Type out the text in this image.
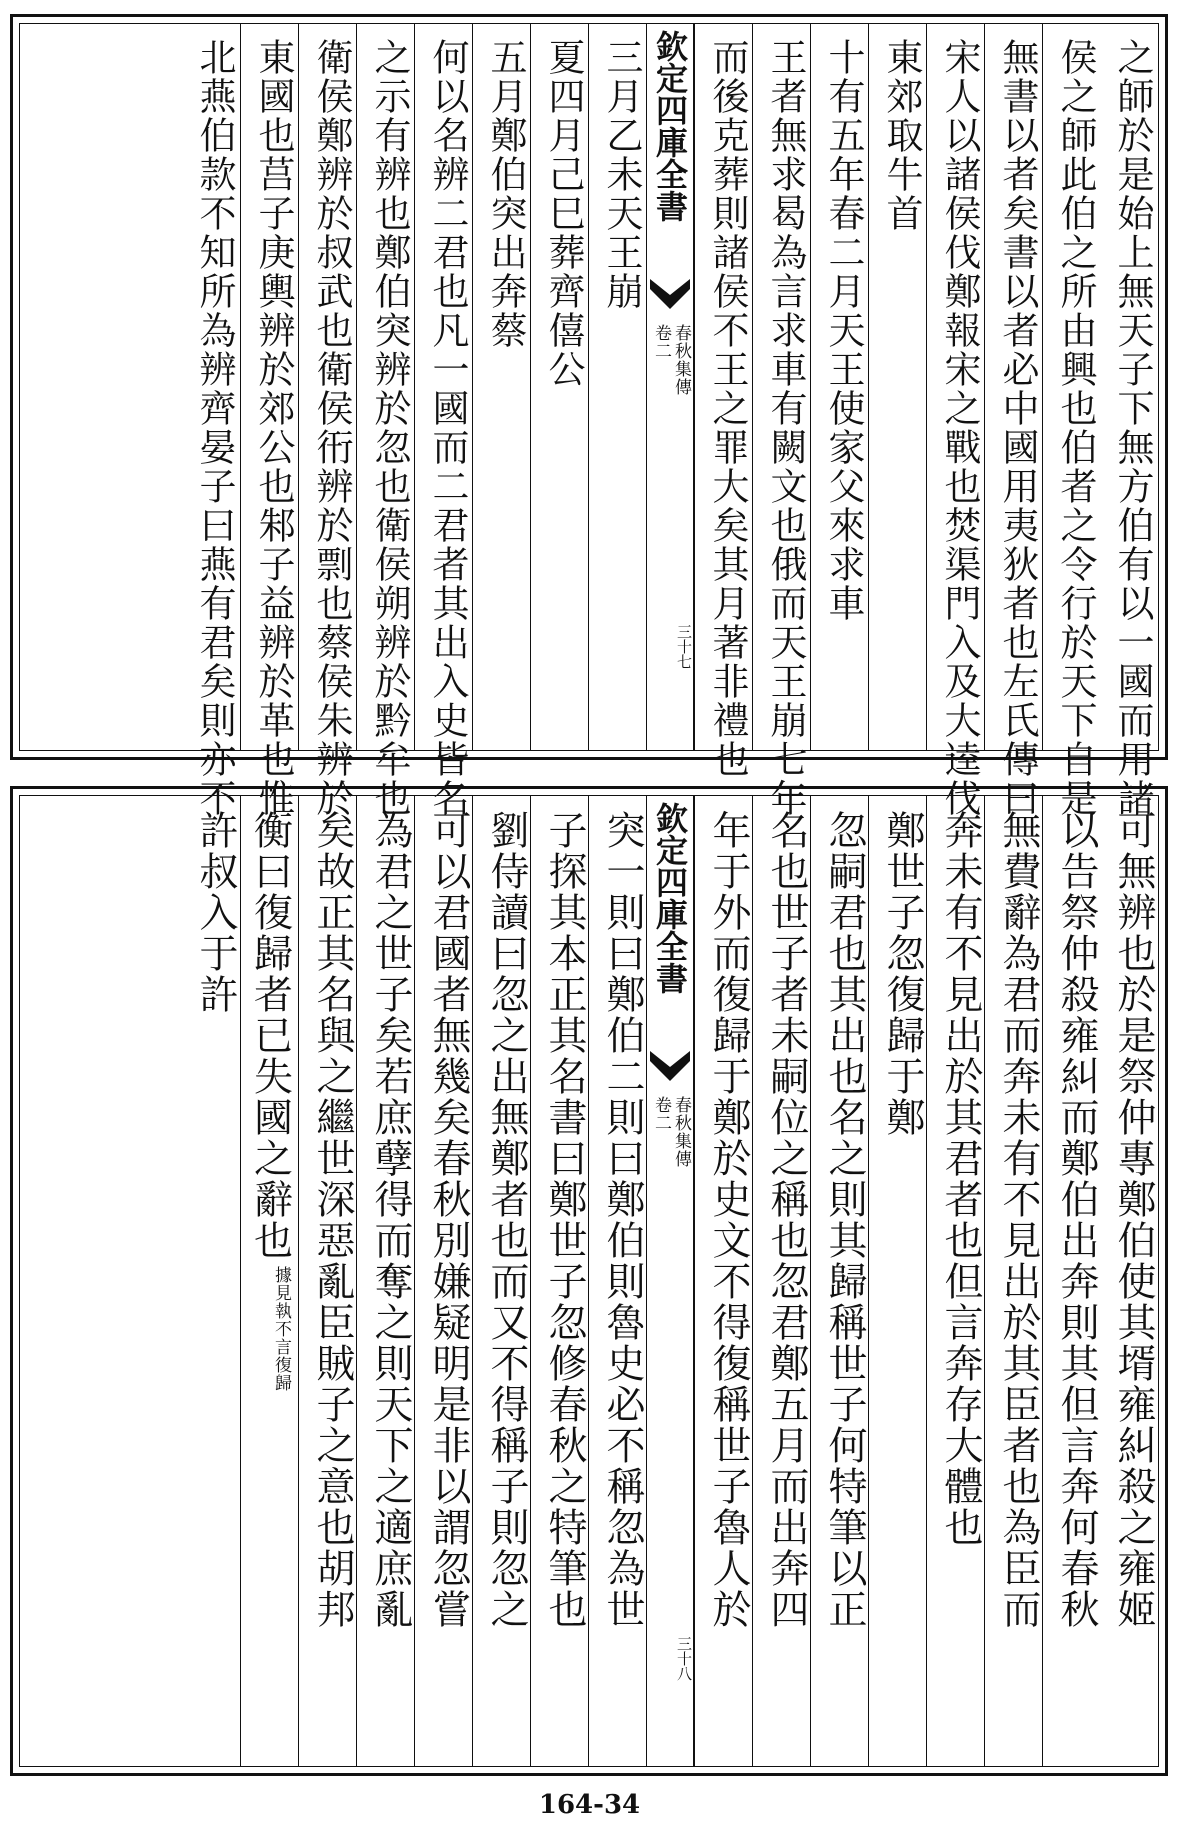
之師於是始上無天子下無方伯有以一國而用諸
侯之師此伯之所由興也伯者之令行於天下自是
無書以者矣書以者必中國用夷狄者也左氏傳曰
宋人以諸侯伐鄭報宋之戰也焚渠門入及大逵伐
東郊取牛首
十有五年春二月天王使家父來求車
王者無求曷為言求車有闕文也俄而天王崩七年
而後克葬則諸侯不王之罪大矣其月著非禮也
欽定四庫全書
春秋集傳
卷二
三十七
三月乙未天王崩
夏四月己巳葬齊僖公
五月鄭伯突出奔蔡
何以名辨二君也凡一國而二君者其出入史皆名
之示有辨也鄭伯突辨於忽也衛侯朔辨於黔牟也
衛侯鄭辨於叔武也衛侯衎辨於剽也蔡侯朱辨於
東國也莒子庚輿辨於郊公也邾子益辨於革也惟
北燕伯款不知所為辨齊晏子曰燕有君矣則亦不
可無辨也於是祭仲專鄭伯使其壻雍糾殺之雍姬
以告祭仲殺雍糾而鄭伯出奔則其但言奔何春秋
無費辭為君而奔未有不見出於其臣者也為臣而
奔未有不見出於其君者也但言奔存大體也
鄭世子忽復歸于鄭
忽嗣君也其出也名之則其歸稱世子何特筆以正
名也世子者未嗣位之稱也忽君鄭五月而出奔四
年于外而復歸于鄭於史文不得復稱世子魯人於
欽定四庫全書
春秋集傳
卷二
三十八
突一則曰鄭伯二則曰鄭伯則魯史必不稱忽為世
子探其本正其名書曰鄭世子忽修春秋之特筆也
劉侍讀曰忽之出無鄭者也而又不得稱子則忽之
可以君國者無幾矣春秋別嫌疑明是非以謂忽嘗
為君之世子矣若庶孽得而奪之則天下之適庶亂
矣故正其名與之繼世深惡亂臣賊子之意也胡邦
衡曰復歸者已失國之辭也
據見執不言復歸
許叔入于許
164-34
